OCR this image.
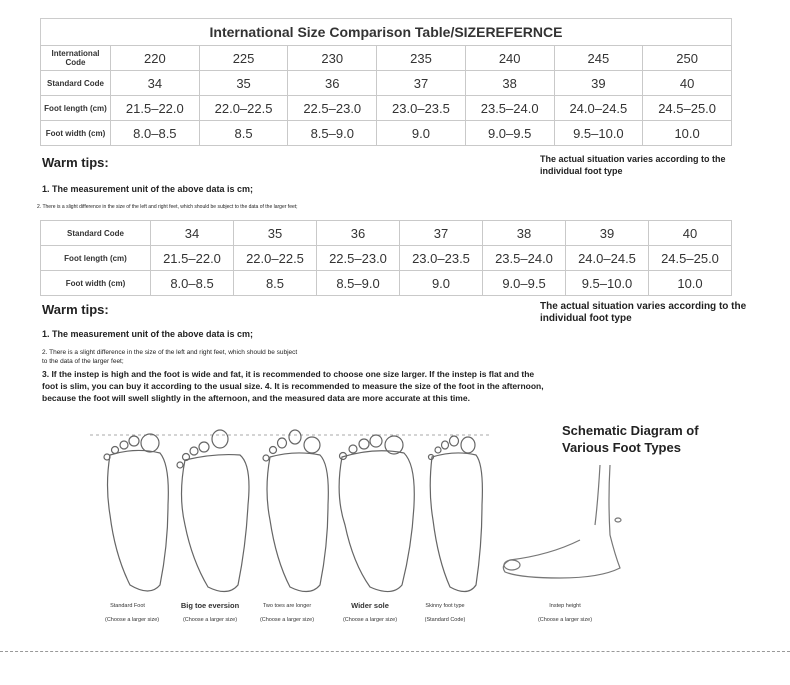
International Size Comparison Table/SIZEREFERNCE
International Code	220	225	230	235	240	245	250
Standard Code	34	35	36	37	38	39	40
Foot length (cm)	21.5–22.0	22.0–22.5	22.5–23.0	23.0–23.5	23.5–24.0	24.0–24.5	24.5–25.0
Foot width (cm)	8.0–8.5	8.5	8.5–9.0	9.0	9.0–9.5	9.5–10.0	10.0
Warm tips:	The actual situation varies according to the individual foot type
1. The measurement unit of the above data is cm;
2. There is a slight difference in the size of the left and right feet, which should be subject to the data of the larger feet;
Standard Code	34	35	36	37	38	39	40
Foot length (cm)	21.5–22.0	22.0–22.5	22.5–23.0	23.0–23.5	23.5–24.0	24.0–24.5	24.5–25.0
Foot width (cm)	8.0–8.5	8.5	8.5–9.0	9.0	9.0–9.5	9.5–10.0	10.0
Warm tips:	The actual situation varies according to the individual foot type
1. The measurement unit of the above data is cm;
2. There is a slight difference in the size of the left and right feet, which should be subject
to the data of the larger feet;
3. If the instep is high and the foot is wide and fat, it is recommended to choose one size larger. If the instep is flat and the
foot is slim, you can buy it according to the usual size. 4. It is recommended to measure the size of the foot in the afternoon,
because the foot will swell slightly in the afternoon, and the measured data are more accurate at this time.
Schematic Diagram of
Various Foot Types
Standard Foot
(Choose a larger size)
Big toe eversion
(Choose a larger size)
Two toes are longer
(Choose a larger size)
Wider sole
(Choose a larger size)
Skinny foot type
(Standard Code)
Instep height
(Choose a larger size)
